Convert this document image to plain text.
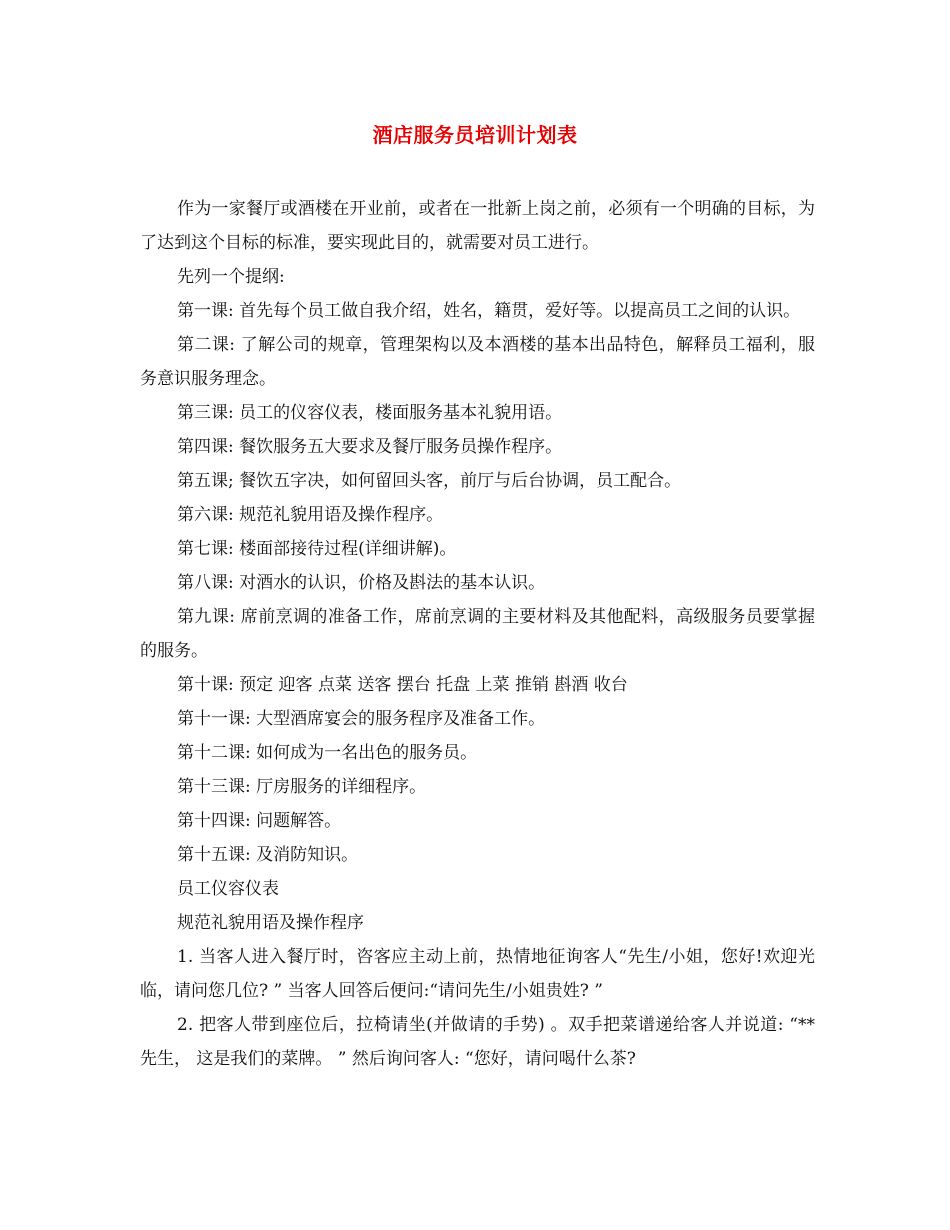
酒店服务员培训计划表

作为一家餐厅或酒楼在开业前，或者在一批新上岗之前，必须有一个明确的目标，为了达到这个目标的标准，要实现此目的，就需要对员工进行。

先列一个提纲:

第一课: 首先每个员工做自我介绍，姓名，籍贯，爱好等。以提高员工之间的认识。

第二课: 了解公司的规章，管理架构以及本酒楼的基本出品特色，解释员工福利，服务意识服务理念。

第三课: 员工的仪容仪表，楼面服务基本礼貌用语。

第四课: 餐饮服务五大要求及餐厅服务员操作程序。

第五课; 餐饮五字决，如何留回头客，前厅与后台协调，员工配合。

第六课: 规范礼貌用语及操作程序。

第七课: 楼面部接待过程(详细讲解)。

第八课: 对酒水的认识，价格及斟法的基本认识。

第九课: 席前烹调的准备工作，席前烹调的主要材料及其他配料，高级服务员要掌握的服务。

第十课: 预定 迎客 点菜 送客 摆台 托盘 上菜 推销 斟酒 收台

第十一课: 大型酒席宴会的服务程序及准备工作。

第十二课: 如何成为一名出色的服务员。

第十三课: 厅房服务的详细程序。

第十四课: 问题解答。

第十五课: 及消防知识。

员工仪容仪表

规范礼貌用语及操作程序

1. 当客人进入餐厅时，咨客应主动上前，热情地征询客人“先生/小姐，您好!欢迎光临，请问您几位? ” 当客人回答后便问:“请问先生/小姐贵姓? ”

2. 把客人带到座位后，拉椅请坐(并做请的手势) 。双手把菜谱递给客人并说道: “**先生， 这是我们的菜牌。 ” 然后询问客人: “您好，请问喝什么茶?
